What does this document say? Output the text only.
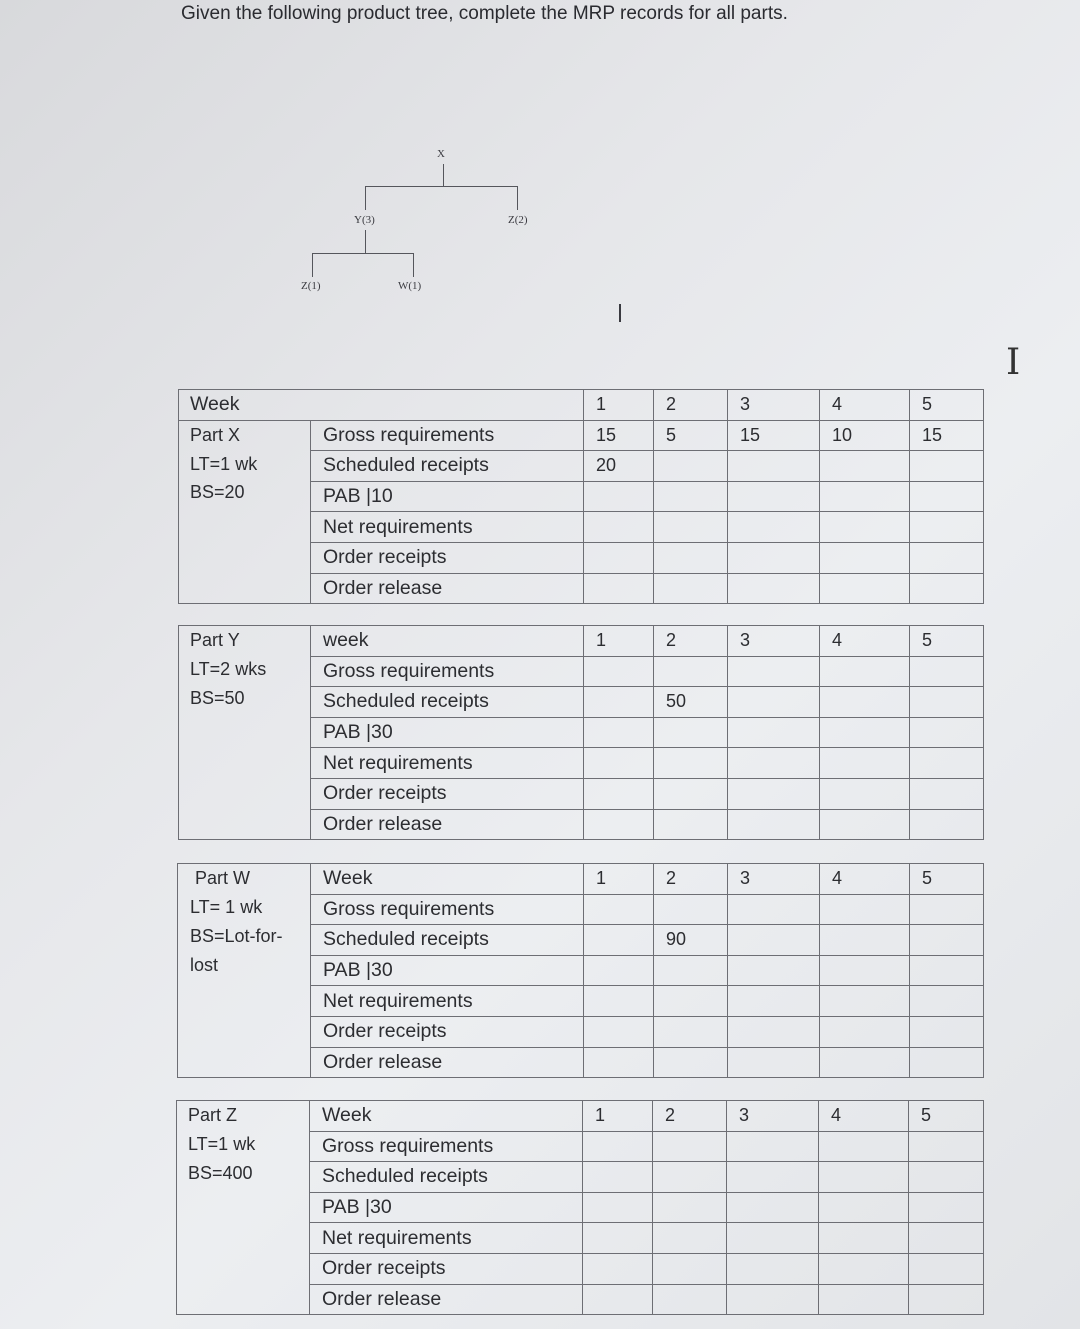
Given the following product tree, complete the MRP records for all parts.
X
Y(3)	Z(2)
Z(1)	W(1)
I
Week		1	2	3	4	5

Part X
LT=1 wk
BS=20	Gross requirements	15	5	15	10	15
	Scheduled receipts	20				
	PAB |10					
	Net requirements					
	Order receipts					
	Order release					
Part Y
LT=2 wks
BS=50	week	1	2	3	4	5
	Gross requirements					
	Scheduled receipts		50			
	PAB |30					
	Net requirements					
	Order receipts					
	Order release					
Part W
LT= 1 wk
BS=Lot-for-
lost	Week	1	2	3	4	5
	Gross requirements					
	Scheduled receipts		90			
	PAB |30					
	Net requirements					
	Order receipts					
	Order release					
Part Z
LT=1 wk
BS=400	Week	1	2	3	4	5
	Gross requirements					
	Scheduled receipts					
	PAB |30					
	Net requirements					
	Order receipts					
	Order release					
